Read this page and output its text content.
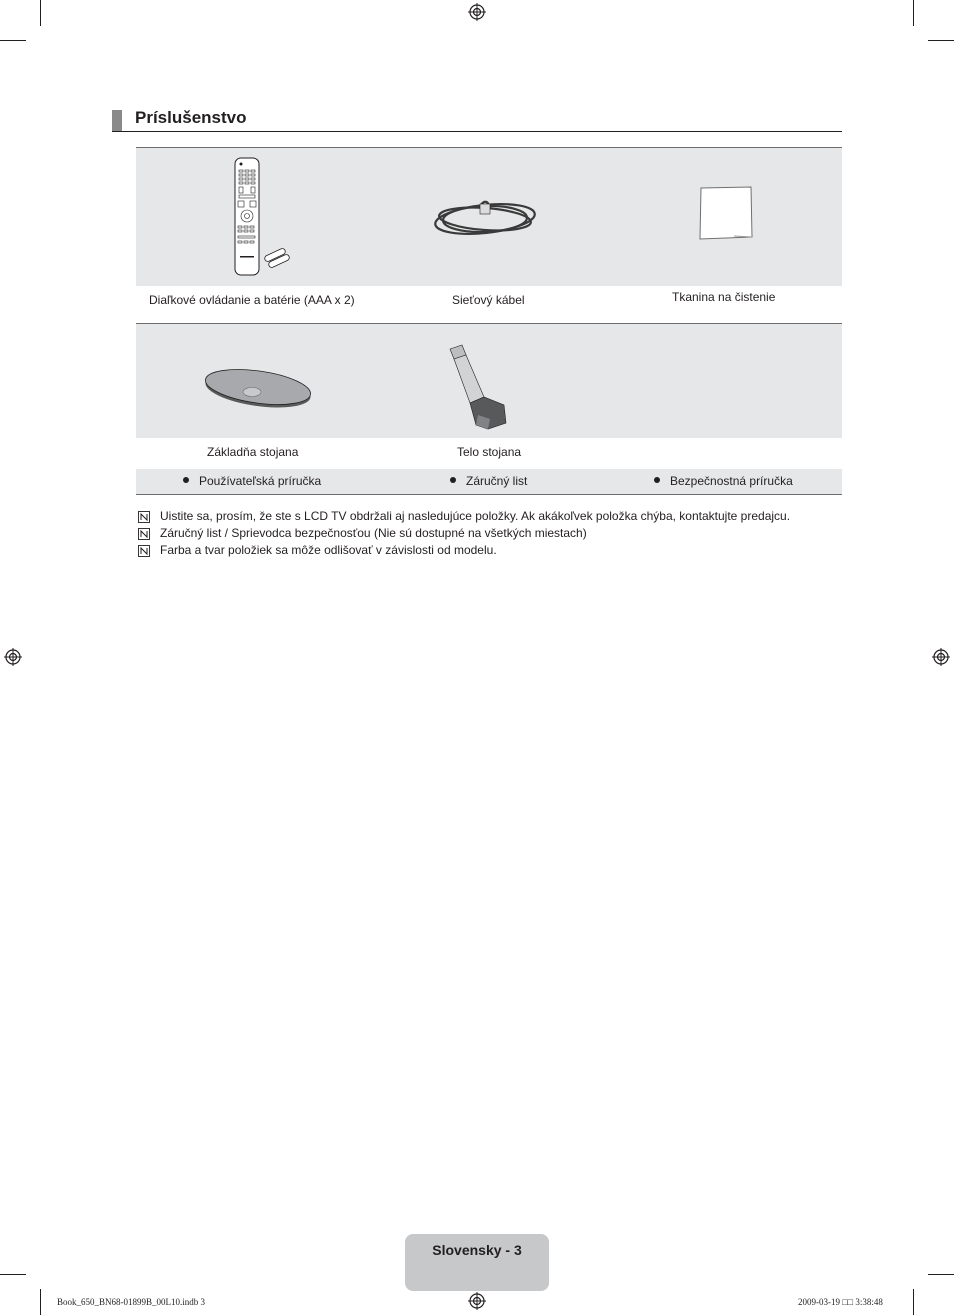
Príslušenstvo
Diaľkové ovládanie a batérie (AAA x 2)	Sieťový kábel	Tkanina na čistenie
Základňa stojana	Telo stojana
Používateľská príručka	Záručný list	Bezpečnostná príručka
Uistite sa, prosím, že ste s LCD TV obdržali aj nasledujúce položky. Ak akákoľvek položka chýba, kontaktujte predajcu.
Záručný list / Sprievodca bezpečnosťou (Nie sú dostupné na všetkých miestach)
Farba a tvar položiek sa môže odlišovať v závislosti od modelu.
Slovensky - 3
Book_650_BN68-01899B_00L10.indb 3	2009-03-19 □□ 3:38:48
